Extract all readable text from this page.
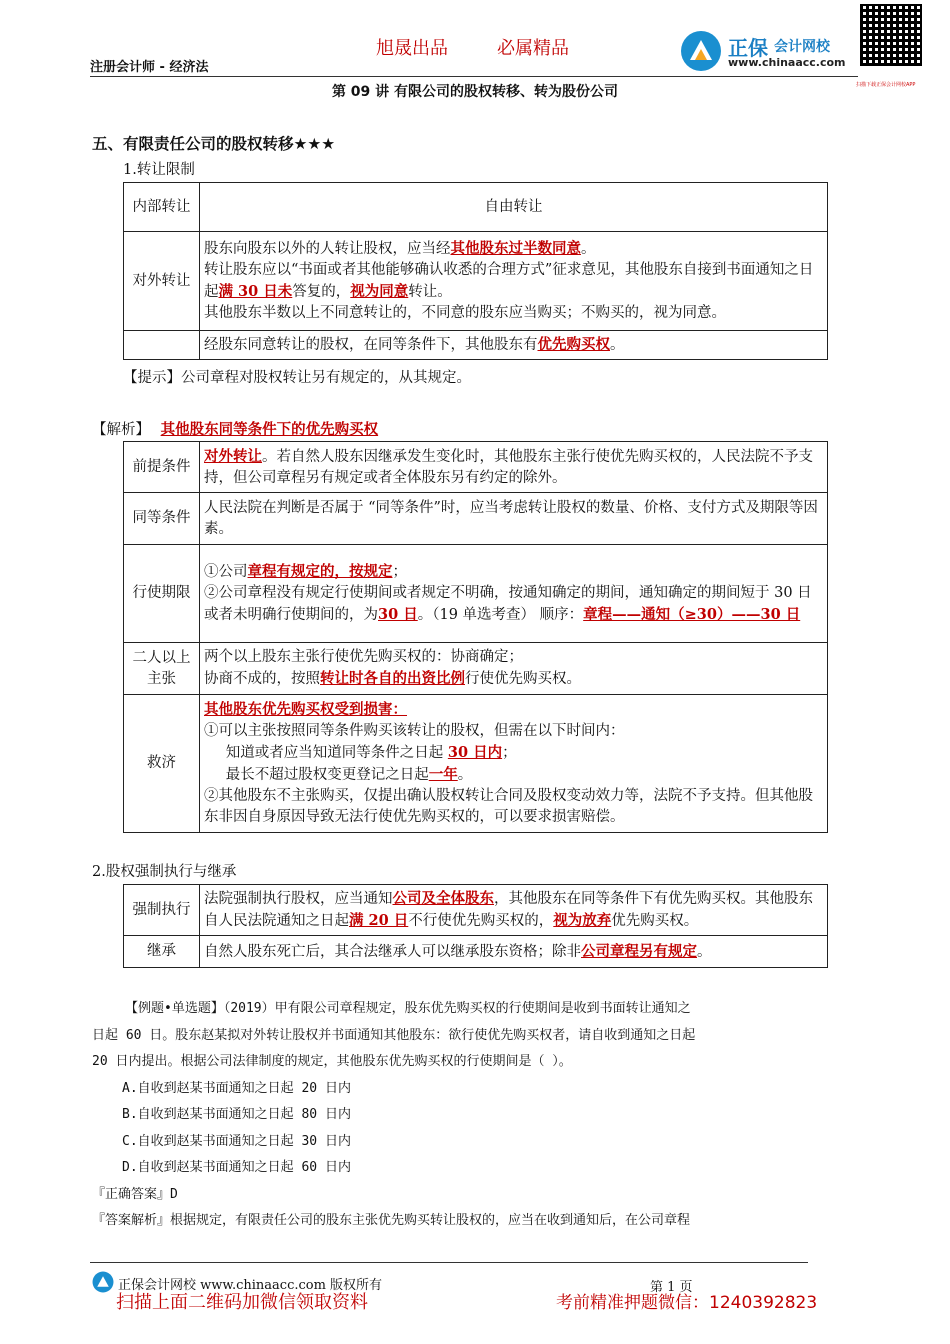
注册会计师 - 经济法
旭晟出品	必属精品	正保 会计网校
www.chinaacc.com
扫描下载正保会计网校APP
第 09 讲 有限公司的股权转移、转为股份公司
五、有限责任公司的股权转移★★★
1.转让限制
内部转让	自由转让
对外转让	股东向股东以外的人转让股权，应当经其他股东过半数同意。
转让股东应以“书面或者其他能够确认收悉的合理方式”征求意见，其他股东自接到书面通知之日起满 30 日未答复的，视为同意转让。
其他股东半数以上不同意转让的，不同意的股东应当购买；不购买的，视为同意。
	经股东同意转让的股权，在同等条件下，其他股东有优先购买权。
【提示】公司章程对股权转让另有规定的，从其规定。
【解析】 其他股东同等条件下的优先购买权
前提条件	对外转让。若自然人股东因继承发生变化时，其他股东主张行使优先购买权的，人民法院不予支持，但公司章程另有规定或者全体股东另有约定的除外。
同等条件	人民法院在判断是否属于 “同等条件”时，应当考虑转让股权的数量、价格、支付方式及期限等因素。
行使期限	①公司章程有规定的，按规定；
②公司章程没有规定行使期间或者规定不明确，按通知确定的期间，通知确定的期间短于 30 日或者未明确行使期间的，为30 日。（19 单选考查） 顺序：章程——通知（≥30）——30 日
二人以上主张	两个以上股东主张行使优先购买权的：协商确定；
协商不成的，按照转让时各自的出资比例行使优先购买权。
救济	其他股东优先购买权受到损害：
①可以主张按照同等条件购买该转让的股权，但需在以下时间内：
知道或者应当知道同等条件之日起 30 日内；
最长不超过股权变更登记之日起一年。
②其他股东不主张购买，仅提出确认股权转让合同及股权变动效力等，法院不予支持。但其他股东非因自身原因导致无法行使优先购买权的，可以要求损害赔偿。
2.股权强制执行与继承
强制执行	法院强制执行股权，应当通知公司及全体股东，其他股东在同等条件下有优先购买权。其他股东自人民法院通知之日起满 20 日不行使优先购买权的，视为放弃优先购买权。
继承	自然人股东死亡后，其合法继承人可以继承股东资格；除非公司章程另有规定。
【例题•单选题】（2019）甲有限公司章程规定，股东优先购买权的行使期间是收到书面转让通知之
日起 60 日。股东赵某拟对外转让股权并书面通知其他股东：欲行使优先购买权者，请自收到通知之日起
20 日内提出。根据公司法律制度的规定，其他股东优先购买权的行使期间是（ ）。
A.自收到赵某书面通知之日起 20 日内
B.自收到赵某书面通知之日起 80 日内
C.自收到赵某书面通知之日起 30 日内
D.自收到赵某书面通知之日起 60 日内
『正确答案』D
『答案解析』根据规定，有限责任公司的股东主张优先购买转让股权的，应当在收到通知后，在公司章程
正保会计网校 www.chinaacc.com 版权所有	第 1 页
扫描上面二维码加微信领取资料	考前精准押题微信：1240392823
